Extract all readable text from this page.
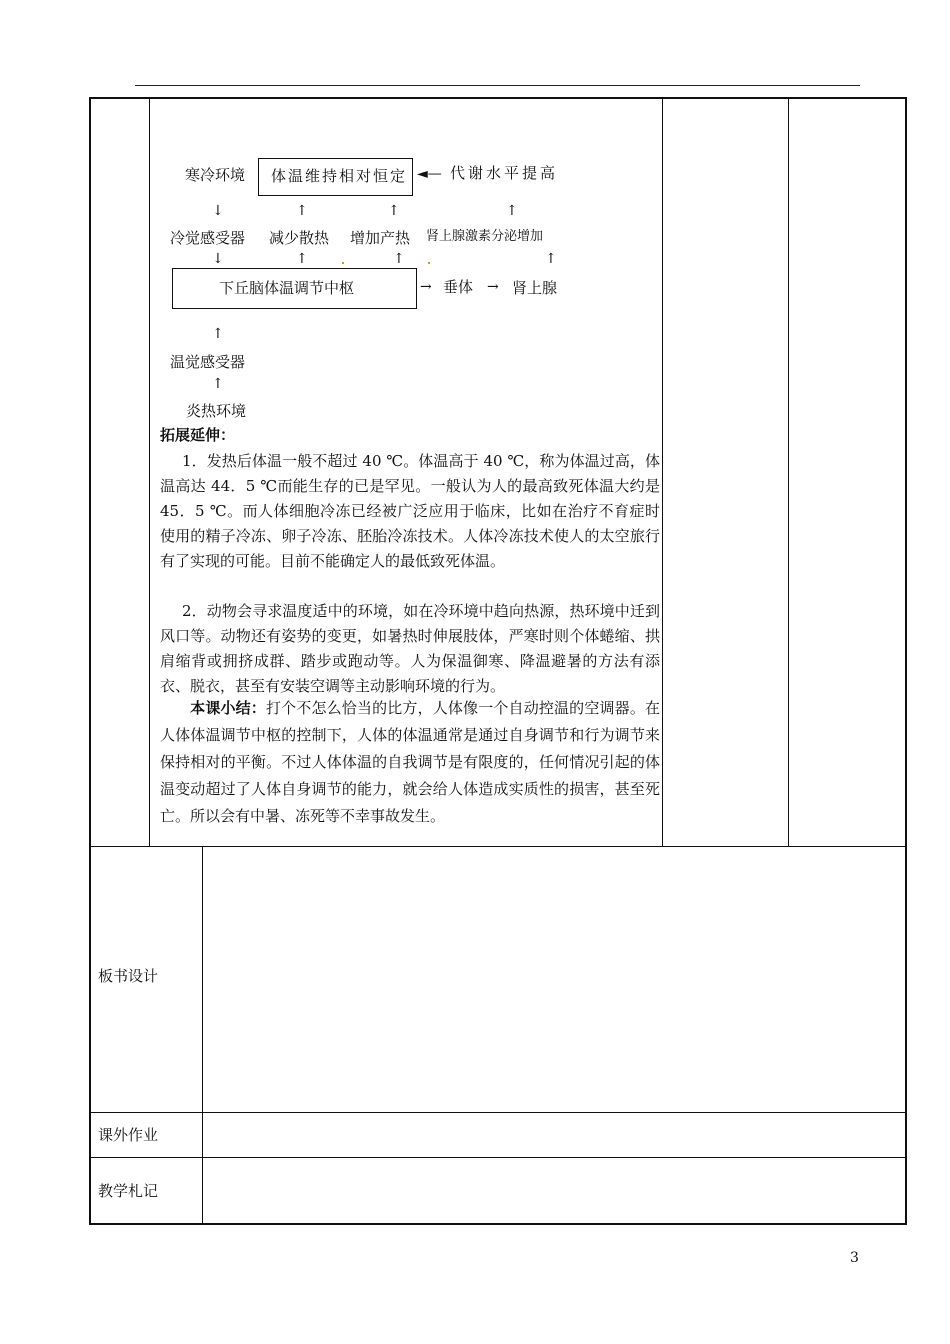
寒冷环境 体温维持相对恒定 ◄— 代谢水平提高
↓	↑	↑	↑
冷觉感受器 减少散热 增加产热 肾上腺激素分泌增加
↓	↑	↑	↑
下丘脑体温调节中枢	→ 垂体 → 肾上腺
↑
温觉感受器
↑
炎热环境
拓展延伸：
1．发热后体温一般不超过 40 ℃。体温高于 40 ℃，称为体温过高，体温高达 44．5 ℃而能生存的已是罕见。一般认为人的最高致死体温大约是 45．5 ℃。而人体细胞冷冻已经被广泛应用于临床，比如在治疗不育症时使用的精子冷冻、卵子冷冻、胚胎冷冻技术。人体冷冻技术使人的太空旅行有了实现的可能。目前不能确定人的最低致死体温。
2．动物会寻求温度适中的环境，如在冷环境中趋向热源，热环境中迁到风口等。动物还有姿势的变更，如暑热时伸展肢体，严寒时则个体蜷缩、拱肩缩背或拥挤成群、踏步或跑动等。人为保温御寒、降温避暑的方法有添衣、脱衣，甚至有安装空调等主动影响环境的行为。
本课小结：打个不怎么恰当的比方，人体像一个自动控温的空调器。在人体体温调节中枢的控制下，人体的体温通常是通过自身调节和行为调节来保持相对的平衡。不过人体体温的自我调节是有限度的，任何情况引起的体温变动超过了人体自身调节的能力，就会给人体造成实质性的损害，甚至死亡。所以会有中暑、冻死等不幸事故发生。
板书设计
课外作业
教学札记
3
